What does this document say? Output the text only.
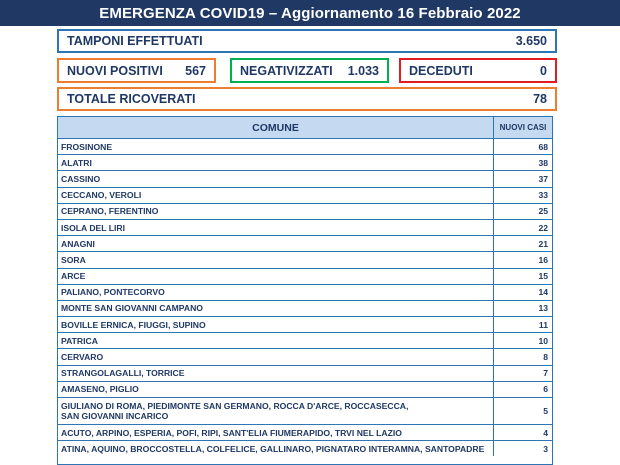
EMERGENZA COVID19 – Aggiornamento 16 Febbraio 2022
TAMPONI EFFETTUATI	3.650
NUOVI POSITIVI 567	NEGATIVIZZATI 1.033 DECEDUTI	0
TOTALE RICOVERATI	78
COMUNE	NUOVI CASI
FROSINONE	68
ALATRI	38
CASSINO	37
CECCANO, VEROLI	33
CEPRANO, FERENTINO	25
ISOLA DEL LIRI	22
ANAGNI	21
SORA	16
ARCE	15
PALIANO, PONTECORVO	14
MONTE SAN GIOVANNI CAMPANO	13
BOVILLE ERNICA, FIUGGI, SUPINO	11
PATRICA	10
CERVARO	8
STRANGOLAGALLI, TORRICE	7
AMASENO, PIGLIO	6
GIULIANO DI ROMA, PIEDIMONTE SAN GERMANO, ROCCA D'ARCE, ROCCASECCA,
SAN GIOVANNI INCARICO	5
ACUTO, ARPINO, ESPERIA, POFI, RIPI, SANT'ELIA FIUMERAPIDO, TRVI NEL LAZIO	4
ATINA, AQUINO, BROCCOSTELLA, COLFELICE, GALLINARO, PIGNATARO INTERAMNA, SANTOPADRE	3
